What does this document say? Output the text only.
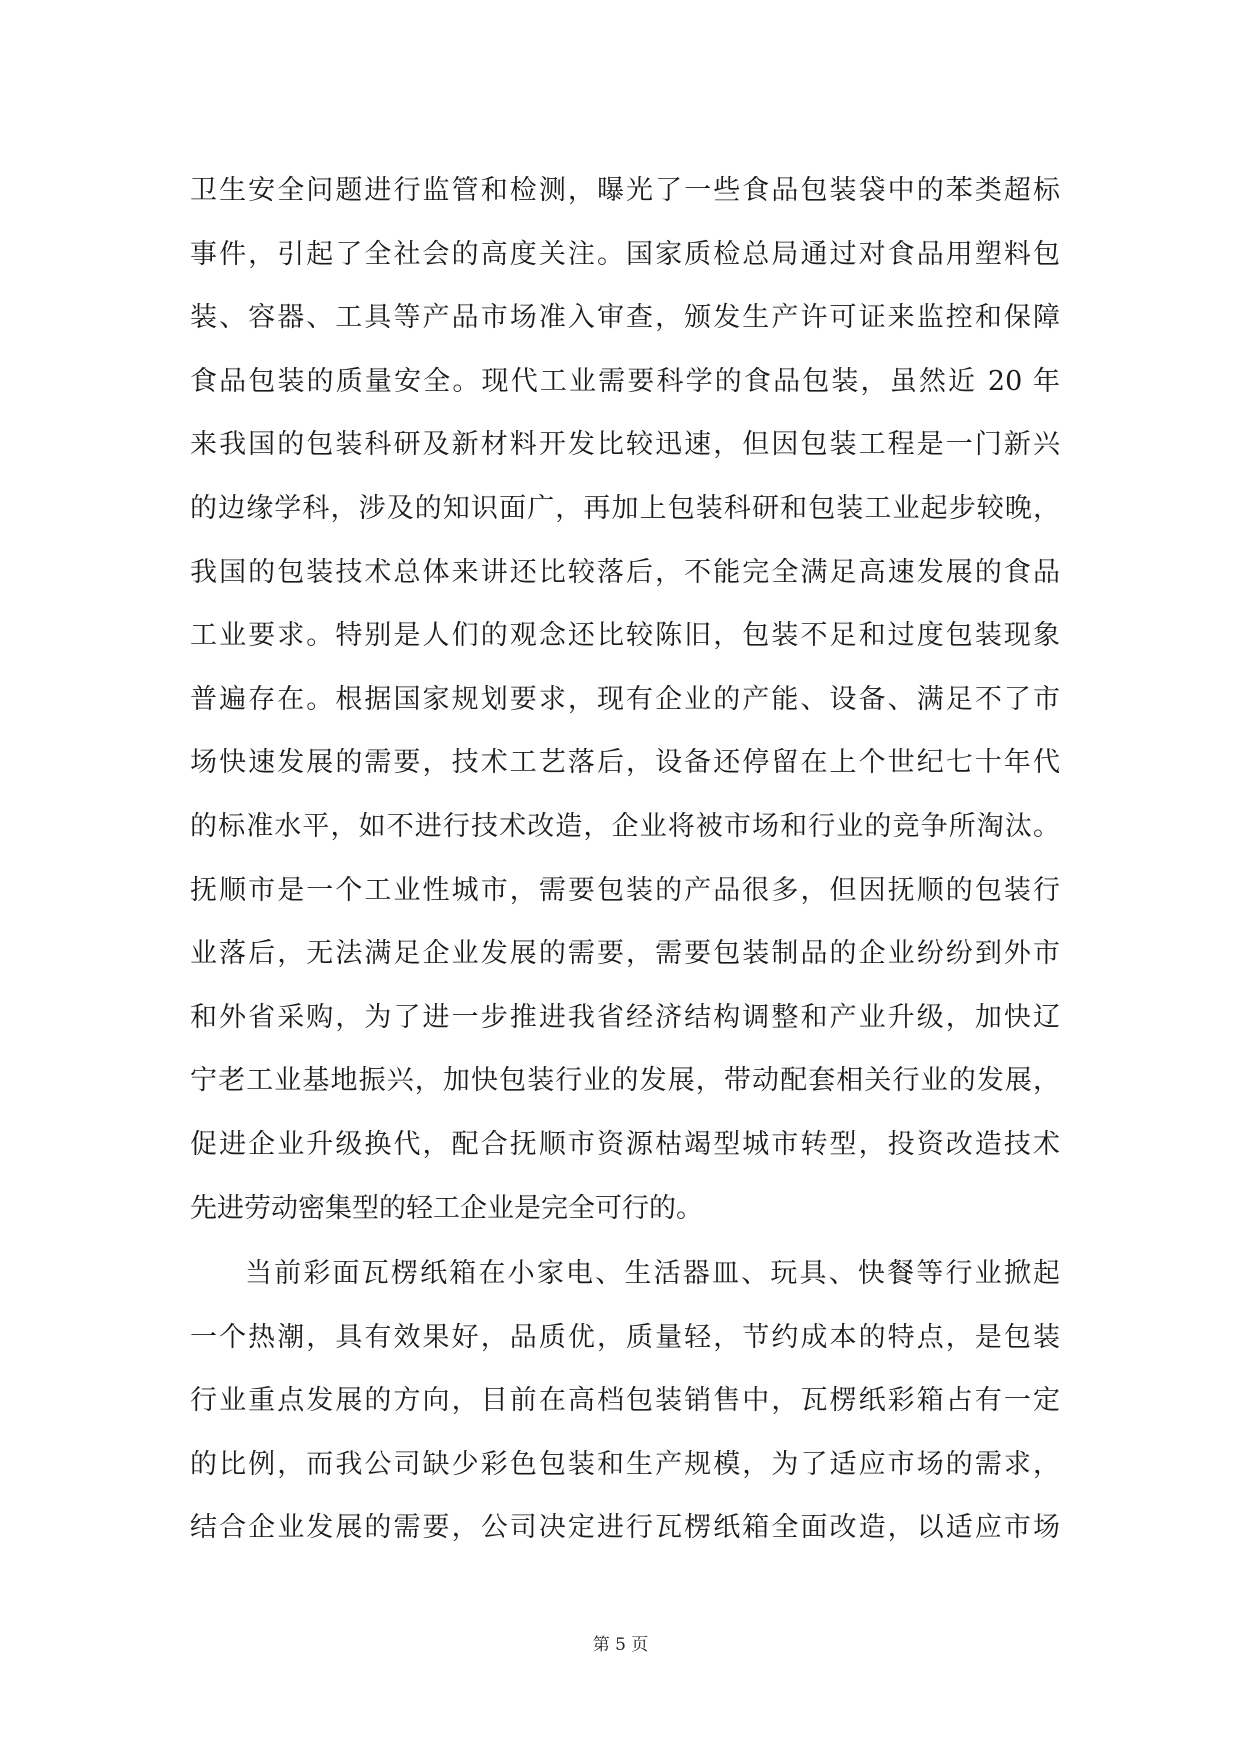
卫生安全问题进行监管和检测，曝光了一些食品包装袋中的苯类超标
事件，引起了全社会的高度关注。国家质检总局通过对食品用塑料包
装、容器、工具等产品市场准入审查，颁发生产许可证来监控和保障
食品包装的质量安全。现代工业需要科学的食品包装，虽然近 20 年
来我国的包装科研及新材料开发比较迅速，但因包装工程是一门新兴
的边缘学科，涉及的知识面广，再加上包装科研和包装工业起步较晚，
我国的包装技术总体来讲还比较落后，不能完全满足高速发展的食品
工业要求。特别是人们的观念还比较陈旧，包装不足和过度包装现象
普遍存在。根据国家规划要求，现有企业的产能、设备、满足不了市
场快速发展的需要，技术工艺落后，设备还停留在上个世纪七十年代
的标准水平，如不进行技术改造，企业将被市场和行业的竞争所淘汰。
抚顺市是一个工业性城市，需要包装的产品很多，但因抚顺的包装行
业落后，无法满足企业发展的需要，需要包装制品的企业纷纷到外市
和外省采购，为了进一步推进我省经济结构调整和产业升级，加快辽
宁老工业基地振兴，加快包装行业的发展，带动配套相关行业的发展，
促进企业升级换代，配合抚顺市资源枯竭型城市转型，投资改造技术
先进劳动密集型的轻工企业是完全可行的。
当前彩面瓦楞纸箱在小家电、生活器皿、玩具、快餐等行业掀起
一个热潮，具有效果好，品质优，质量轻，节约成本的特点，是包装
行业重点发展的方向，目前在高档包装销售中，瓦楞纸彩箱占有一定
的比例，而我公司缺少彩色包装和生产规模，为了适应市场的需求，
结合企业发展的需要，公司决定进行瓦楞纸箱全面改造，以适应市场
第 5 页
